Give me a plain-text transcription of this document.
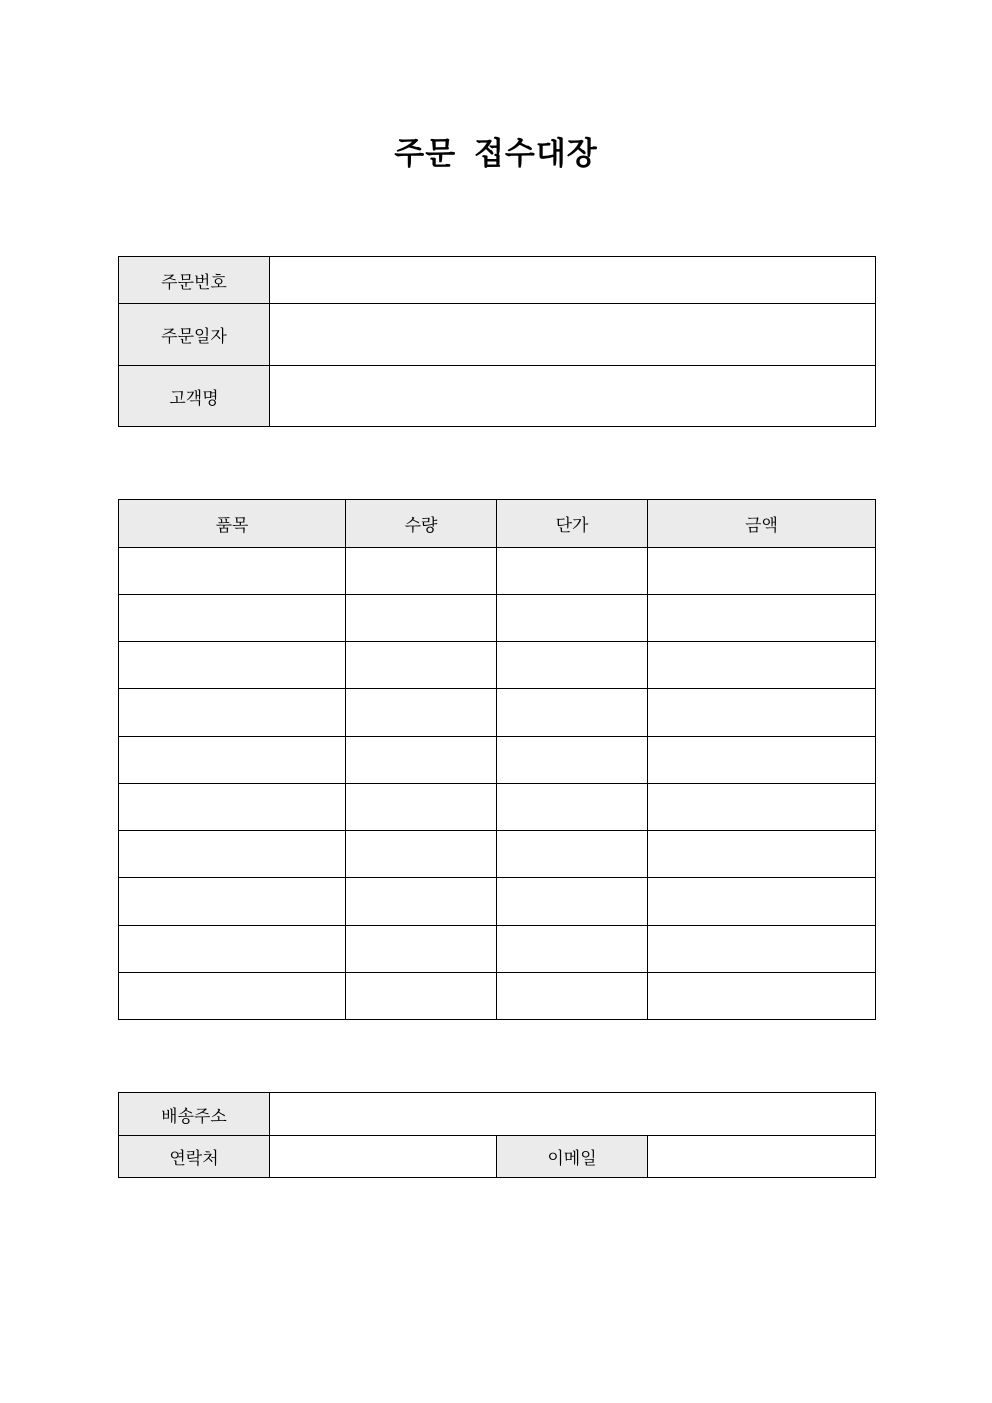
주문 접수대장
주문번호	
주문일자	
고객명	
품목	수량	단가	금액

배송주소			
연락처		이메일	
